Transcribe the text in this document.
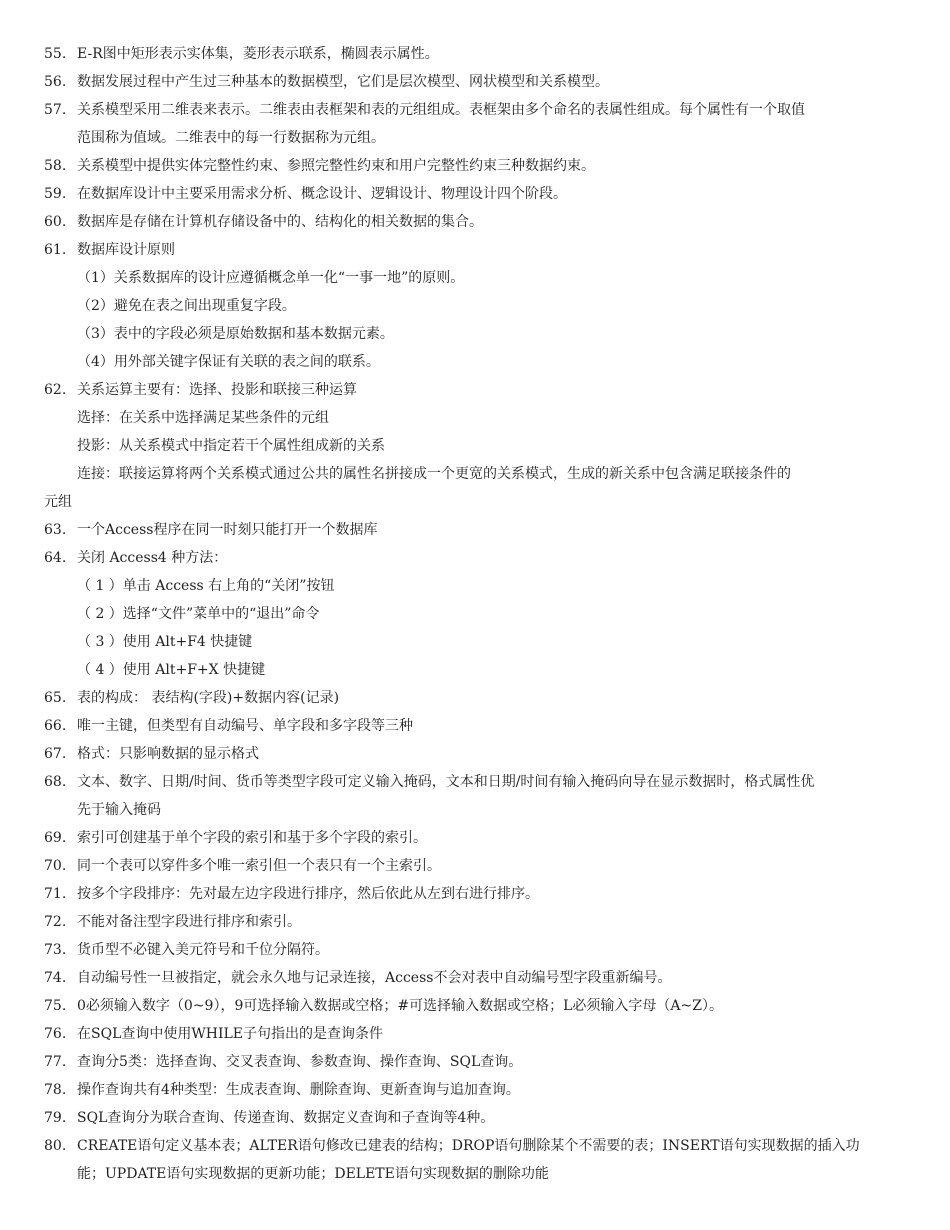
55. E-R图中矩形表示实体集，菱形表示联系，椭圆表示属性。
56. 数据发展过程中产生过三种基本的数据模型，它们是层次模型、网状模型和关系模型。
57. 关系模型采用二维表来表示。二维表由表框架和表的元组组成。表框架由多个命名的表属性组成。每个属性有一个取值
范围称为值域。二维表中的每一行数据称为元组。
58. 关系模型中提供实体完整性约束、参照完整性约束和用户完整性约束三种数据约束。
59. 在数据库设计中主要采用需求分析、概念设计、逻辑设计、物理设计四个阶段。
60. 数据库是存储在计算机存储设备中的、结构化的相关数据的集合。
61. 数据库设计原则
（1）关系数据库的设计应遵循概念单一化“一事一地”的原则。
（2）避免在表之间出现重复字段。
（3）表中的字段必须是原始数据和基本数据元素。
（4）用外部关键字保证有关联的表之间的联系。
62. 关系运算主要有：选择、投影和联接三种运算
选择：在关系中选择满足某些条件的元组
投影：从关系模式中指定若干个属性组成新的关系
连接：联接运算将两个关系模式通过公共的属性名拼接成一个更宽的关系模式，生成的新关系中包含满足联接条件的
元组
63. 一个Access程序在同一时刻只能打开一个数据库
64. 关闭 Access4 种方法：
（ 1 ）单击 Access 右上角的“关闭”按钮
（ 2 ）选择“文件”菜单中的“退出”命令
（ 3 ）使用 Alt+F4 快捷键
（ 4 ）使用 Alt+F+X 快捷键
65. 表的构成： 表结构(字段)+数据内容(记录)
66. 唯一主键，但类型有自动编号、单字段和多字段等三种
67. 格式：只影响数据的显示格式
68. 文本、数字、日期/时间、货币等类型字段可定义输入掩码，文本和日期/时间有输入掩码向导在显示数据时，格式属性优
先于输入掩码
69. 索引可创建基于单个字段的索引和基于多个字段的索引。
70. 同一个表可以穿件多个唯一索引但一个表只有一个主索引。
71. 按多个字段排序：先对最左边字段进行排序，然后依此从左到右进行排序。
72. 不能对备注型字段进行排序和索引。
73. 货币型不必键入美元符号和千位分隔符。
74. 自动编号性一旦被指定，就会永久地与记录连接，Access不会对表中自动编号型字段重新编号。
75. 0必须输入数字（0~9），9可选择输入数据或空格；#可选择输入数据或空格；L必须输入字母（A~Z）。
76. 在SQL查询中使用WHILE子句指出的是查询条件
77. 查询分5类：选择查询、交叉表查询、参数查询、操作查询、SQL查询。
78. 操作查询共有4种类型：生成表查询、删除查询、更新查询与追加查询。
79. SQL查询分为联合查询、传递查询、数据定义查询和子查询等4种。
80. CREATE语句定义基本表；ALTER语句修改已建表的结构；DROP语句删除某个不需要的表；INSERT语句实现数据的插入功
能；UPDATE语句实现数据的更新功能；DELETE语句实现数据的删除功能
